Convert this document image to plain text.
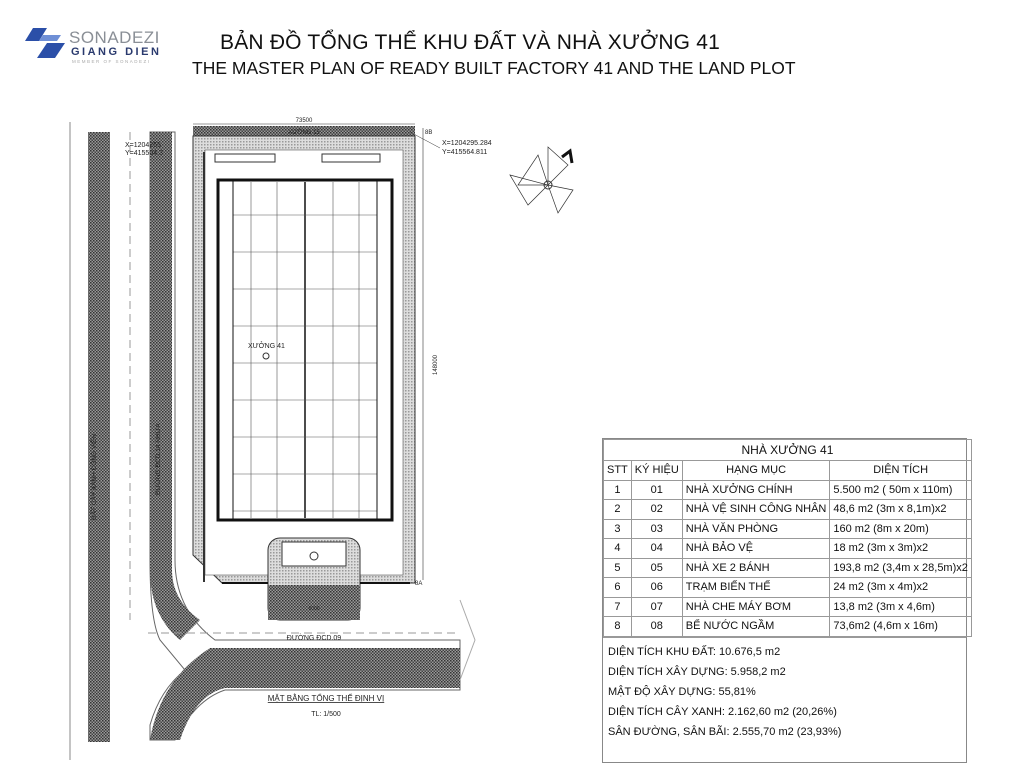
SONADEZI
GIANG DIEN
MEMBER OF SONADEZI
BẢN ĐỒ TỔNG THỂ KHU ĐẤT VÀ NHÀ XƯỞNG 41
THE MASTER PLAN OF READY BUILT FACTORY 41 AND THE LAND PLOT
XƯỞNG 15
73500
XƯỞNG 41
148000
X=1204295.284
Y=415564.811
X=1204255
Y=415504.3
8B
8A
6000
ĐƯỜNG ĐCD.09
ĐẤT CÂY XANH CÔNG VIÊN	ĐƯỜNG ĐCD.14 NHỰA
MẶT BẰNG TỔNG THỂ ĐỊNH VỊ
TL: 1/500
NHÀ XƯỞNG 41			
STT	KÝ HIỆU	HẠNG MỤC	DIỆN TÍCH
1	01	NHÀ XƯỞNG CHÍNH	5.500 m2 ( 50m x 110m)
2	02	NHÀ VỆ SINH CÔNG NHÂN	48,6 m2 (3m x 8,1m)x2
3	03	NHÀ VĂN PHÒNG	160 m2 (8m x 20m)
4	04	NHÀ BẢO VỆ	18 m2 (3m x 3m)x2
5	05	NHÀ XE 2 BÁNH	193,8 m2 (3,4m x 28,5m)x2
6	06	TRẠM BIẾN THẾ	24 m2 (3m x 4m)x2
7	07	NHÀ CHE MÁY BƠM	13,8 m2 (3m x 4,6m)
8	08	BỂ NƯỚC NGẦM	73,6m2 (4,6m x 16m)
DIỆN TÍCH KHU ĐẤT: 10.676,5 m2
DIỆN TÍCH XÂY DỰNG: 5.958,2 m2
MẬT ĐỘ XÂY DỰNG: 55,81%
DIỆN TÍCH CÂY XANH: 2.162,60 m2 (20,26%)
SÂN ĐƯỜNG, SÂN BÃI: 2.555,70 m2 (23,93%)
